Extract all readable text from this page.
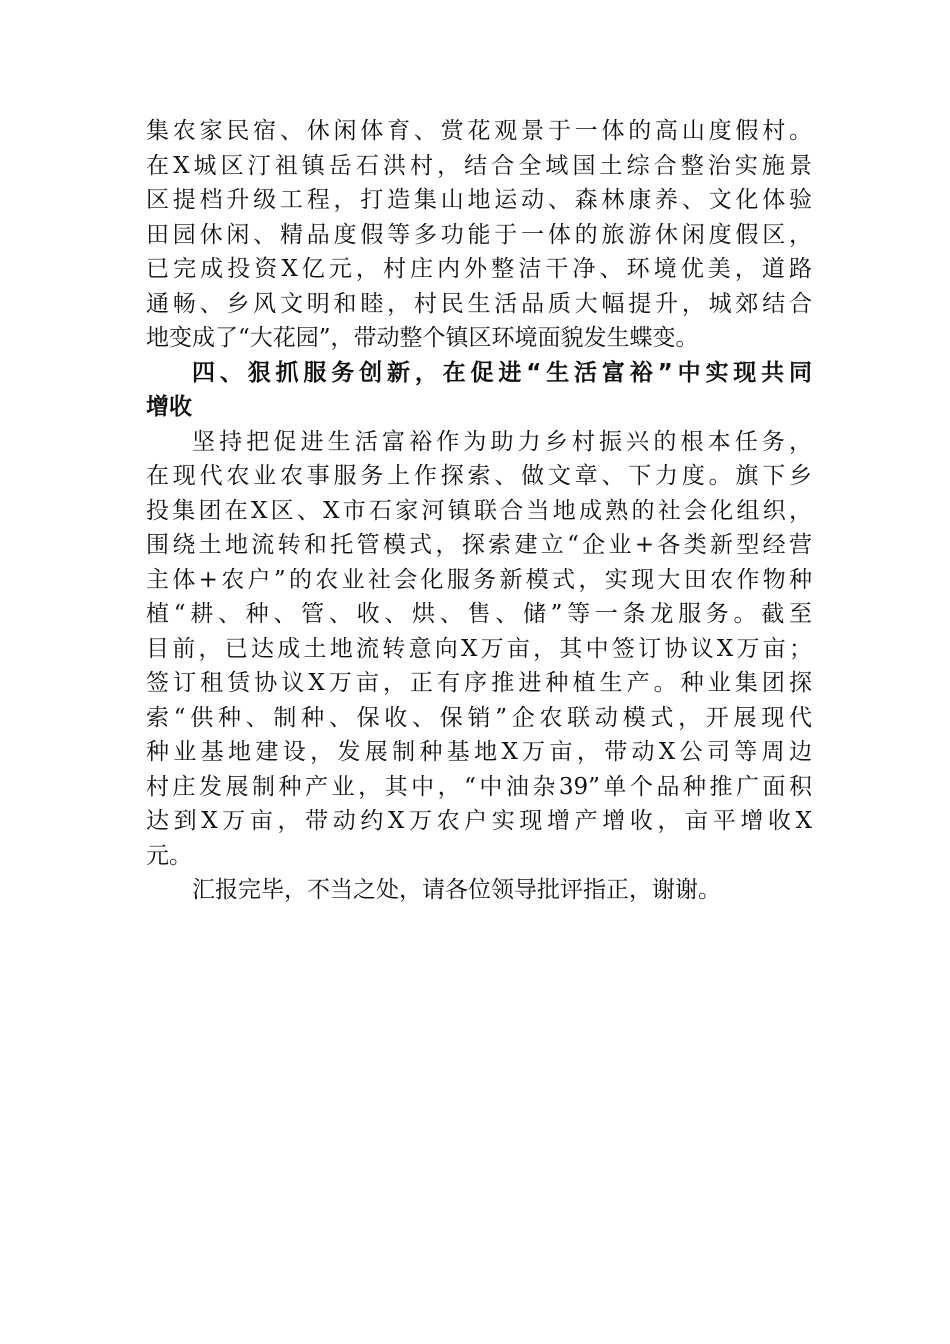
集农家民宿、休闲体育、赏花观景于一体的高山度假村。
在X城区汀祖镇岳石洪村，结合全域国土综合整治实施景
区提档升级工程，打造集山地运动、森林康养、文化体验
田园休闲、精品度假等多功能于一体的旅游休闲度假区，
已完成投资X亿元，村庄内外整洁干净、环境优美，道路
通畅、乡风文明和睦，村民生活品质大幅提升，城郊结合
地变成了“大花园”，带动整个镇区环境面貌发生蝶变。
四、狠抓服务创新，在促进“生活富裕”中实现共同
增收
坚持把促进生活富裕作为助力乡村振兴的根本任务，
在现代农业农事服务上作探索、做文章、下力度。旗下乡
投集团在X区、X市石家河镇联合当地成熟的社会化组织，
围绕土地流转和托管模式，探索建立“企业+各类新型经营
主体+农户”的农业社会化服务新模式，实现大田农作物种
植“耕、种、管、收、烘、售、储”等一条龙服务。截至
目前，已达成土地流转意向X万亩，其中签订协议X万亩；
签订租赁协议X万亩，正有序推进种植生产。种业集团探
索“供种、制种、保收、保销”企农联动模式，开展现代
种业基地建设，发展制种基地X万亩，带动X公司等周边
村庄发展制种产业，其中，“中油杂39”单个品种推广面积
达到X万亩，带动约X万农户实现增产增收，亩平增收X
元。
汇报完毕，不当之处，请各位领导批评指正，谢谢。
